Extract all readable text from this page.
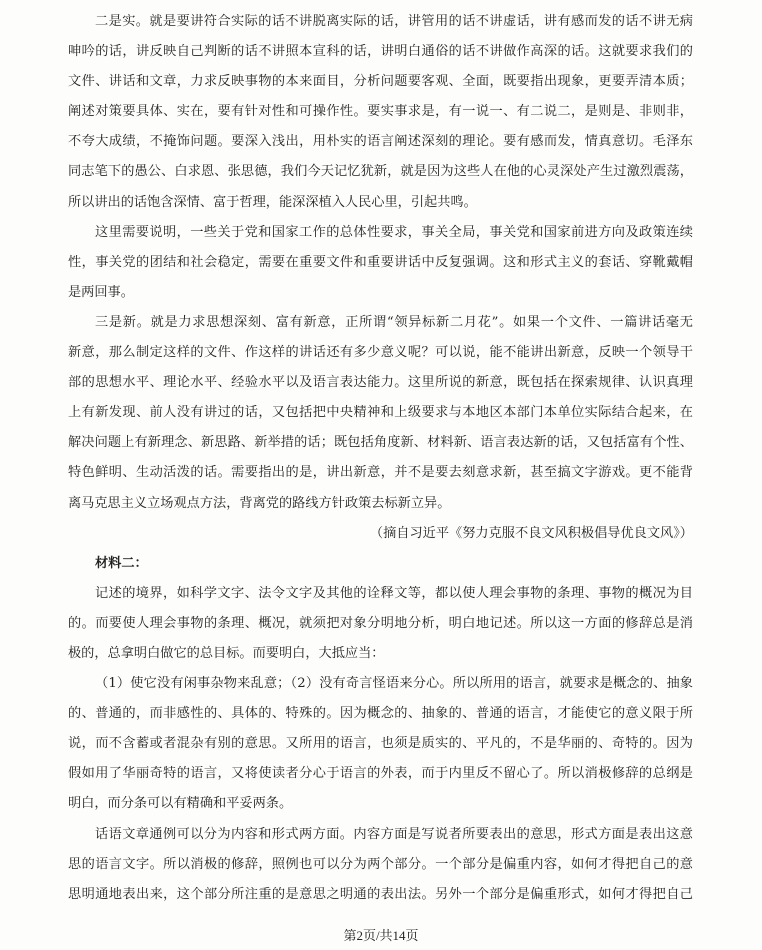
二是实。就是要讲符合实际的话不讲脱离实际的话，讲管用的话不讲虚话，讲有感而发的话不讲无病
呻吟的话，讲反映自己判断的话不讲照本宣科的话，讲明白通俗的话不讲做作高深的话。这就要求我们的
文件、讲话和文章，力求反映事物的本来面目，分析问题要客观、全面，既要指出现象，更要弄清本质；
阐述对策要具体、实在，要有针对性和可操作性。要实事求是，有一说一、有二说二，是则是、非则非，
不夸大成绩，不掩饰问题。要深入浅出，用朴实的语言阐述深刻的理论。要有感而发，情真意切。毛泽东
同志笔下的愚公、白求恩、张思德，我们今天记忆犹新，就是因为这些人在他的心灵深处产生过激烈震荡，
所以讲出的话饱含深情、富于哲理，能深深植入人民心里，引起共鸣。
这里需要说明，一些关于党和国家工作的总体性要求，事关全局，事关党和国家前进方向及政策连续
性，事关党的团结和社会稳定，需要在重要文件和重要讲话中反复强调。这和形式主义的套话、穿靴戴帽
是两回事。
三是新。就是力求思想深刻、富有新意，正所谓“领异标新二月花”。如果一个文件、一篇讲话毫无
新意，那么制定这样的文件、作这样的讲话还有多少意义呢？可以说，能不能讲出新意，反映一个领导干
部的思想水平、理论水平、经验水平以及语言表达能力。这里所说的新意，既包括在探索规律、认识真理
上有新发现、前人没有讲过的话，又包括把中央精神和上级要求与本地区本部门本单位实际结合起来，在
解决问题上有新理念、新思路、新举措的话；既包括角度新、材料新、语言表达新的话，又包括富有个性、
特色鲜明、生动活泼的话。需要指出的是，讲出新意，并不是要去刻意求新，甚至搞文字游戏。更不能背
离马克思主义立场观点方法，背离党的路线方针政策去标新立异。
（摘自习近平《努力克服不良文风积极倡导优良文风》）
材料二：
记述的境界，如科学文字、法令文字及其他的诠释文等，都以使人理会事物的条理、事物的概况为目
的。而要使人理会事物的条理、概况，就须把对象分明地分析，明白地记述。所以这一方面的修辞总是消
极的，总拿明白做它的总目标。而要明白，大抵应当：
（1）使它没有闲事杂物来乱意；（2）没有奇言怪语来分心。所以所用的语言，就要求是概念的、抽象
的、普通的，而非感性的、具体的、特殊的。因为概念的、抽象的、普通的语言，才能使它的意义限于所
说，而不含蓄或者混杂有别的意思。又所用的语言，也须是质实的、平凡的，不是华丽的、奇特的。因为
假如用了华丽奇特的语言，又将使读者分心于语言的外表，而于内里反不留心了。所以消极修辞的总纲是
明白，而分条可以有精确和平妥两条。
话语文章通例可以分为内容和形式两方面。内容方面是写说者所要表出的意思，形式方面是表出这意
思的语言文字。所以消极的修辞，照例也可以分为两个部分。一个部分是偏重内容，如何才得把自己的意
思明通地表出来，这个部分所注重的是意思之明通的表出法。另外一个部分是偏重形式，如何才得把自己
第2页/共14页
